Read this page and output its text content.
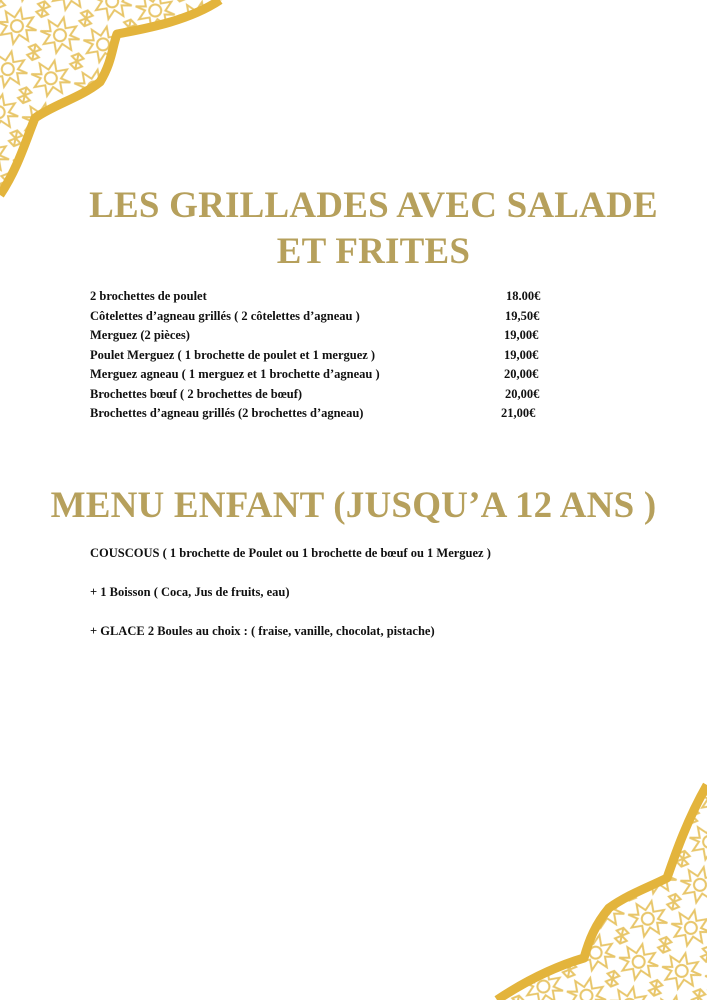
LES GRILLADES AVEC SALADE
ET FRITES
2 brochettes de poulet	18.00€
Côtelettes d’agneau grillés ( 2 côtelettes d’agneau )	19,50€
Merguez (2 pièces)	19,00€
Poulet Merguez ( 1 brochette de poulet et 1 merguez )	19,00€
Merguez agneau ( 1 merguez et 1 brochette d’agneau )	20,00€
Brochettes bœuf ( 2 brochettes de bœuf)	20,00€
Brochettes d’agneau grillés (2 brochettes d’agneau)	21,00€
MENU ENFANT (JUSQU’A 12 ANS )
COUSCOUS ( 1 brochette de Poulet ou 1 brochette de bœuf ou 1 Merguez )
+ 1 Boisson ( Coca, Jus de fruits, eau)
+ GLACE 2 Boules au choix : ( fraise, vanille, chocolat, pistache)
